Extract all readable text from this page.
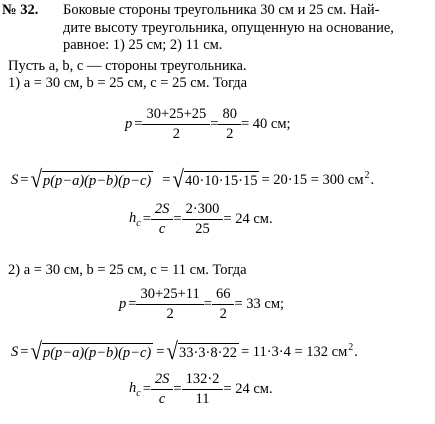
№ 32. Боковые стороны треугольника 30 см и 25 см. Най-
дите высоту треугольника, опущенную на основание,
равное: 1) 25 см; 2) 11 см.
Пусть a, b, c — стороны треугольника.
1) a = 30 см, b = 25 см, c = 25 см. Тогда
$p = \frac{30+25+25}{2} = \frac{80}{2} = 40$ см;
S = √ p(p−a)(p−b)(p−c) = √ 40·10·15·15 = 20·15 = 300 $см^2$ .
$h_c = \frac{2S}{c} = \frac{2\cdot 300}{25} = 24$ см.
2) a = 30 см, b = 25 см, c = 11 см. Тогда
$p = \frac{30+25+11}{2} = \frac{66}{2} = 33$ см;
S = √ p(p−a)(p−b)(p−c) = √ 33·3·8·22 = 11·3·4 = 132 $см^2$ .
$h_c = \frac{2S}{c} = \frac{132\cdot 2}{11} = 24$ см.
